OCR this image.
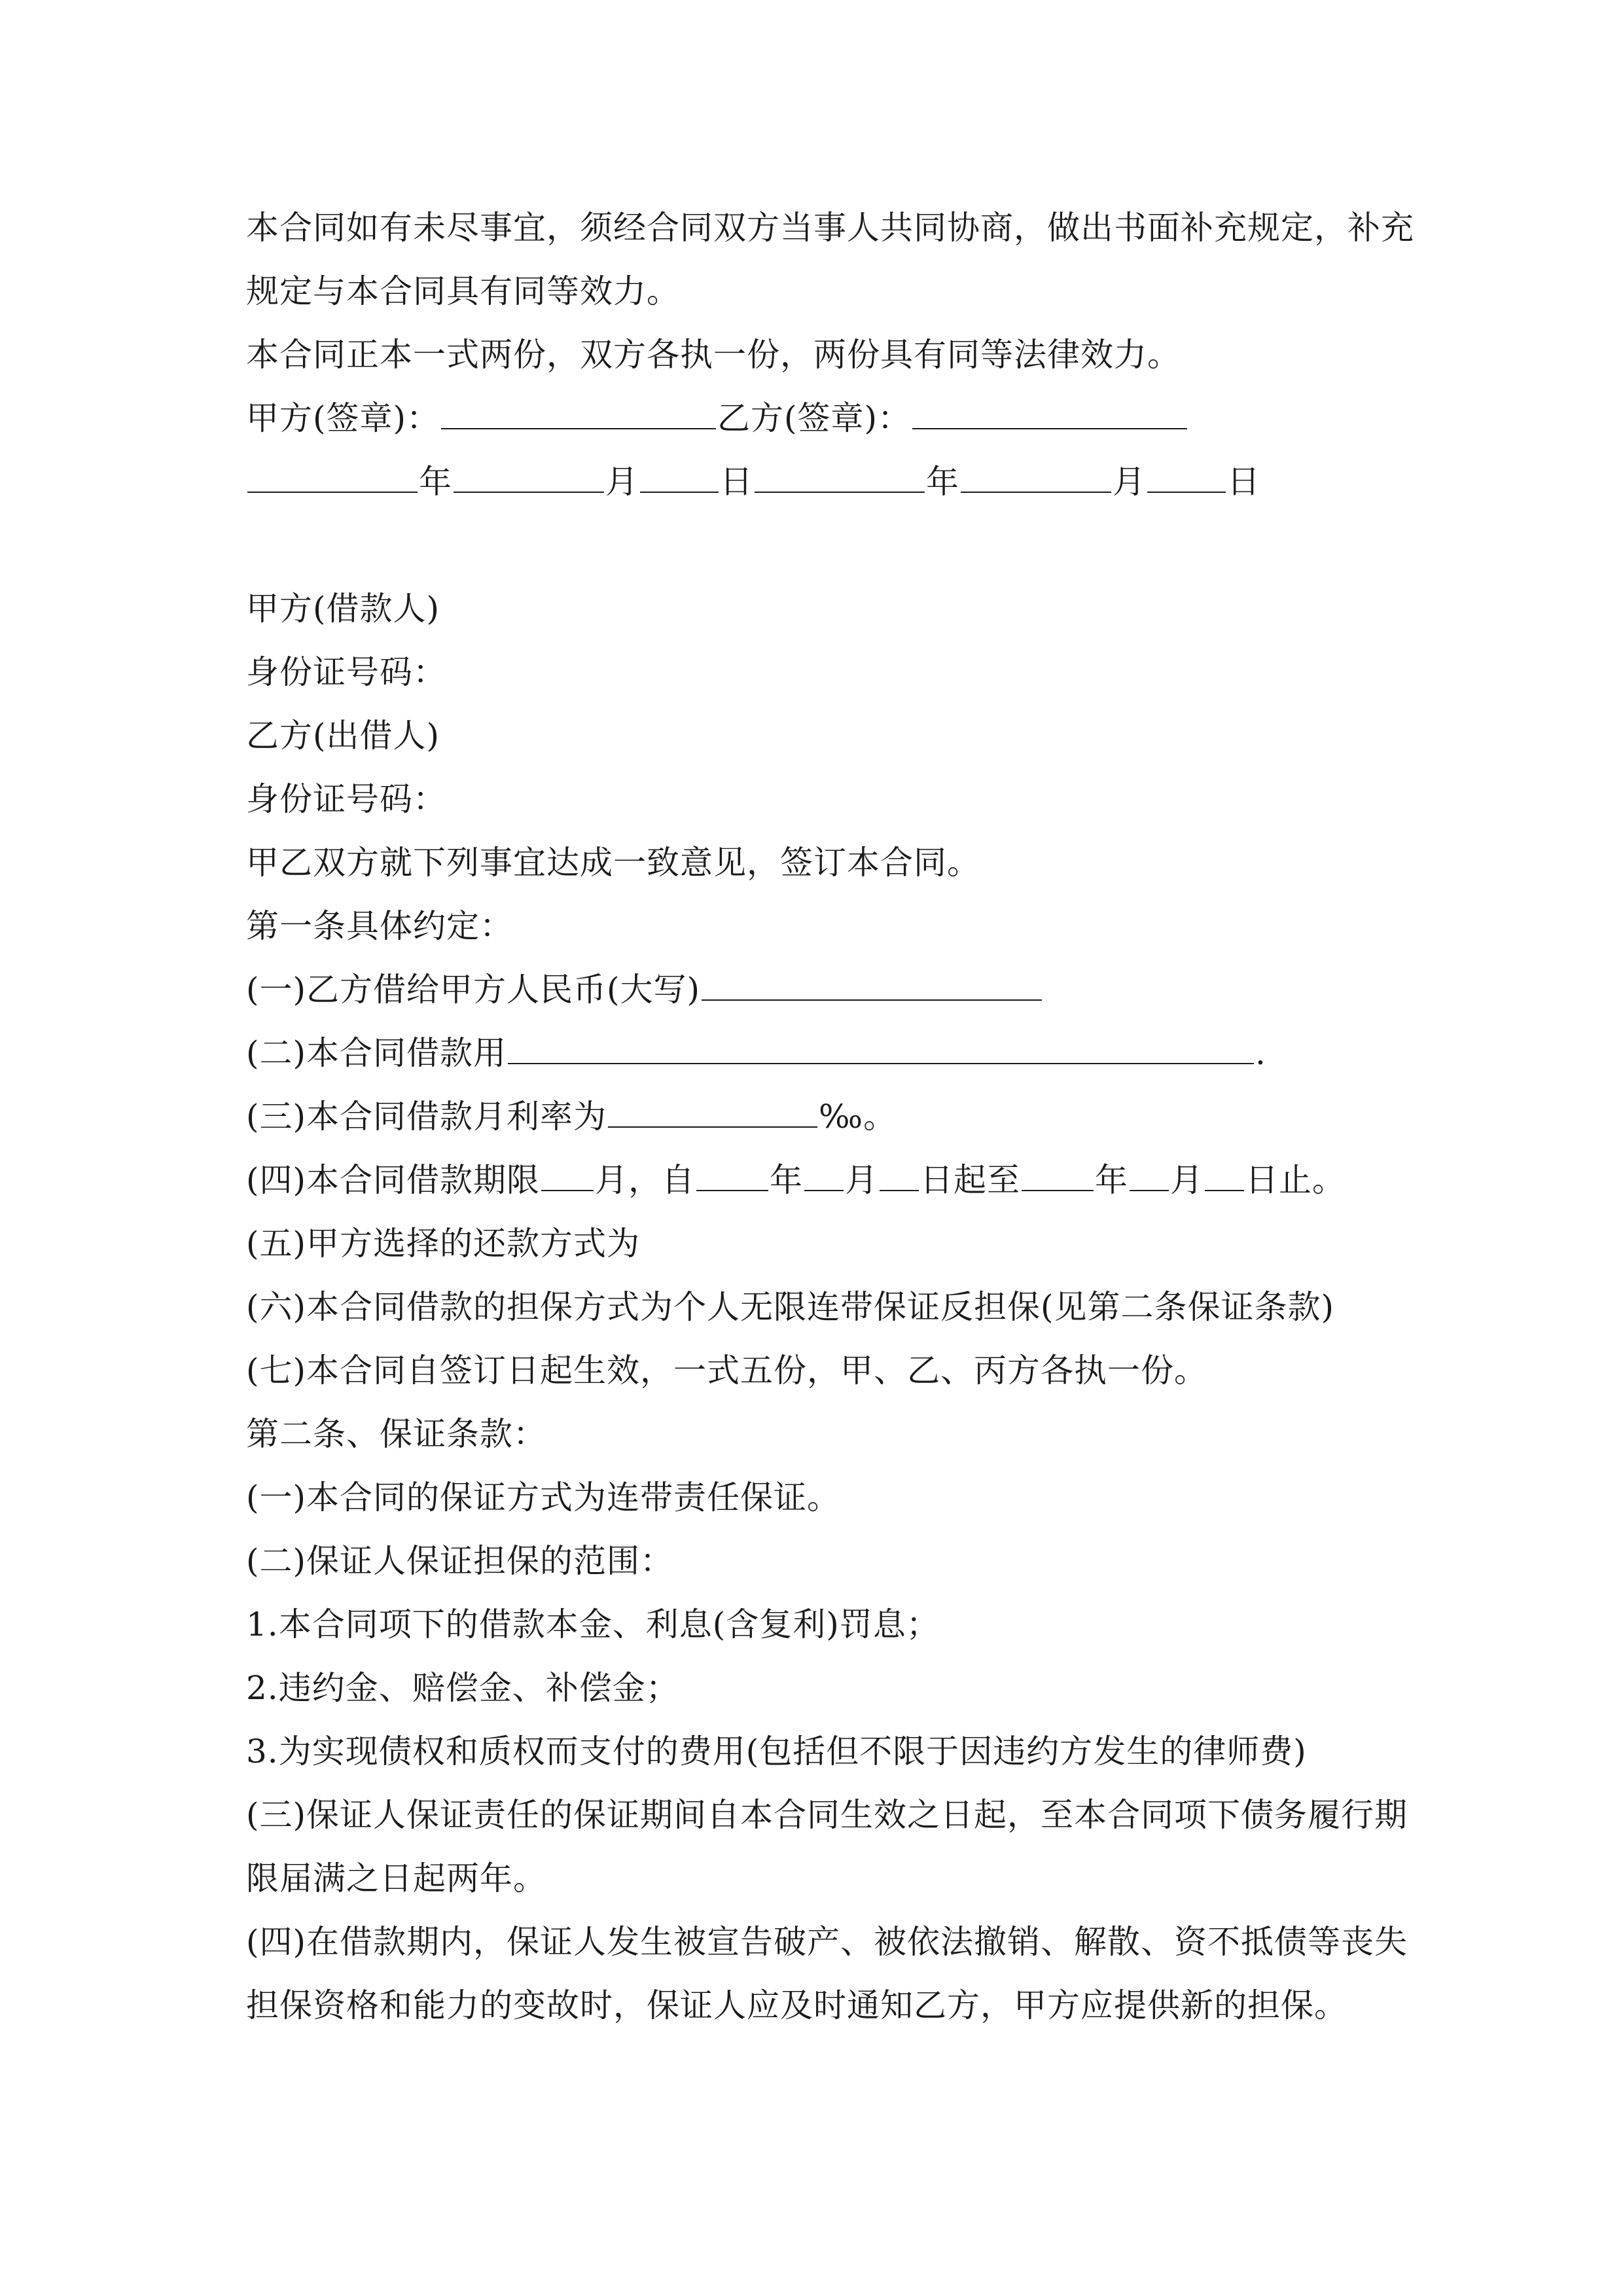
本合同如有未尽事宜，须经合同双方当事人共同协商，做出书面补充规定，补充
规定与本合同具有同等效力。
本合同正本一式两份，双方各执一份，两份具有同等法律效力。
甲方(签章)：	乙方(签章)：
年	月 日	年	月 日
甲方(借款人)
身份证号码：
乙方(出借人)
身份证号码：
甲乙双方就下列事宜达成一致意见，签订本合同。
第一条具体约定：
(一)乙方借给甲方人民币(大写)
(二)本合同借款用	.
(三)本合同借款月利率为	‰。
(四)本合同借款期限 月，自 年 月 日起至 年 月 日止。
(五)甲方选择的还款方式为
(六)本合同借款的担保方式为个人无限连带保证反担保(见第二条保证条款)
(七)本合同自签订日起生效，一式五份，甲、乙、丙方各执一份。
第二条、保证条款：
(一)本合同的保证方式为连带责任保证。
(二)保证人保证担保的范围：
1.本合同项下的借款本金、利息(含复利)罚息；
2.违约金、赔偿金、补偿金；
3.为实现债权和质权而支付的费用(包括但不限于因违约方发生的律师费)
(三)保证人保证责任的保证期间自本合同生效之日起，至本合同项下债务履行期
限届满之日起两年。
(四)在借款期内，保证人发生被宣告破产、被依法撤销、解散、资不抵债等丧失
担保资格和能力的变故时，保证人应及时通知乙方，甲方应提供新的担保。
